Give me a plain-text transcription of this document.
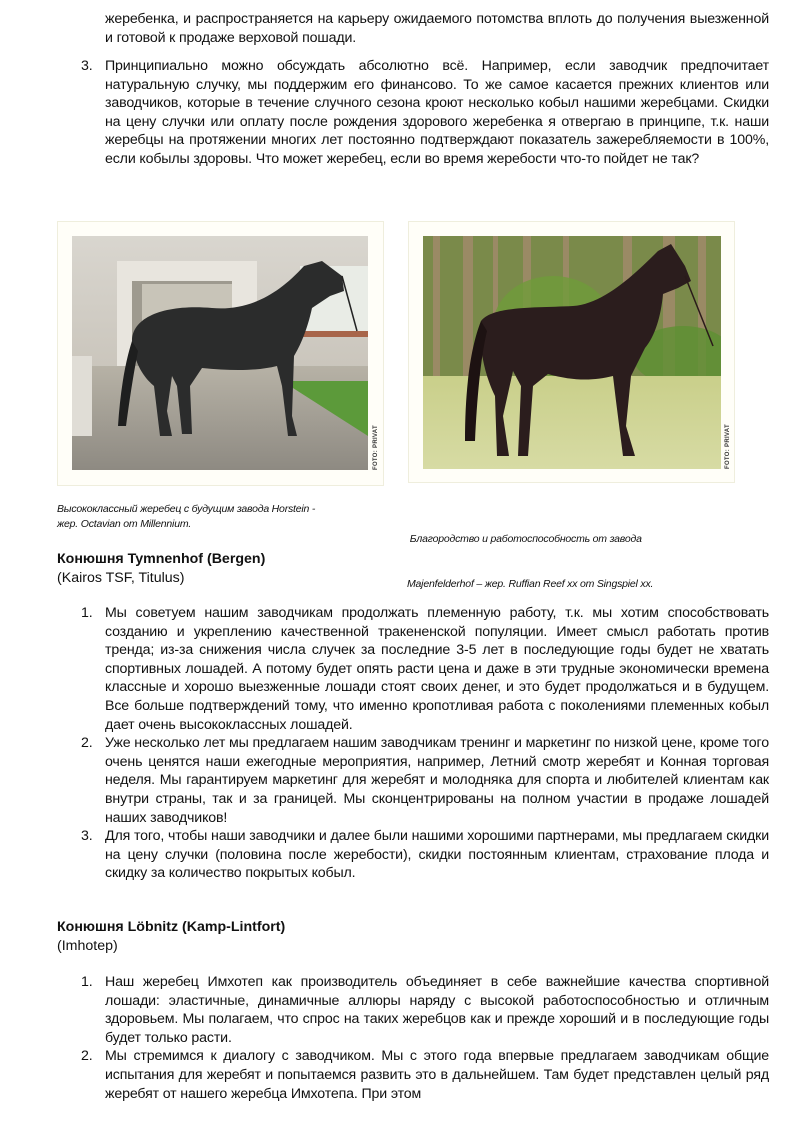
жеребенка, и распространяется на карьеру ожидаемого потомства вплоть до получения выезженной и готовой к продаже верховой пошади.
3. Принципиально можно обсуждать абсолютно всё. Например, если заводчик предпочитает натуральную случку, мы поддержим его финансово. То же самое касается прежних клиентов или заводчиков, которые в течение случного сезона кроют несколько кобыл нашими жеребцами. Скидки на цену случки или оплату после рождения здорового жеребенка я отвергаю в принципе, т.к. наши жеребцы на протяжении многих лет постоянно подтверждают показатель зажеребляемости в 100%, если кобылы здоровы. Что может жеребец, если во время жеребости что-то пойдет не так?
FOTO: PRIVAT	FOTO: PRIVAT
Высококлассный жеребец с будущим завода Horstein -
жер. Octavian от Millennium.

Благородство и работоспособность от завода

Majenfelderhof – жер. Ruffian Reef xx от Singspiel xx.

Конюшня Tymnenhof (Bergen)
(Kairos TSF, Titulus)
1. Мы советуем нашим заводчикам продолжать племенную работу, т.к. мы хотим способствовать созданию и укреплению качественной тракененской популяции. Имеет смысл работать против тренда; из-за снижения числа случек за последние 3-5 лет в последующие годы будет не хватать спортивных лошадей. А потому будет опять расти цена и даже в эти трудные экономически времена классные и хорошо выезженные лошади стоят своих денег, и это будет продолжаться и в будущем. Все больше подтверждений тому, что именно кропотливая работа с поколениями племенных кобыл дает очень высококлассных лошадей.
2. Уже несколько лет мы предлагаем нашим заводчикам тренинг и маркетинг по низкой цене, кроме того очень ценятся наши ежегодные мероприятия, например, Летний смотр жеребят и Конная торговая неделя. Мы гарантируем маркетинг для жеребят и молодняка для спорта и любителей клиентам как внутри страны, так и за границей. Мы сконцентрированы на полном участии в продаже лошадей наших заводчиков!
3. Для того, чтобы наши заводчики и далее были нашими хорошими партнерами, мы предлагаем скидки на цену случки (половина после жеребости), скидки постоянным клиентам, страхование плода и скидку за количество покрытых кобыл.
Конюшня Löbnitz (Kamp-Lintfort)
(Imhotep)
1. Наш жеребец Имхотеп как производитель объединяет в себе важнейшие качества спортивной лошади: эластичные, динамичные аллюры наряду с высокой работоспособностью и отличным здоровьем. Мы полагаем, что спрос на таких жеребцов как и прежде хороший и в последующие годы будет только расти.
2. Мы стремимся к диалогу с заводчиком. Мы с этого года впервые предлагаем заводчикам общие испытания для жеребят и попытаемся развить это в дальнейшем. Там будет представлен целый ряд жеребят от нашего жеребца Имхотепа. При этом
